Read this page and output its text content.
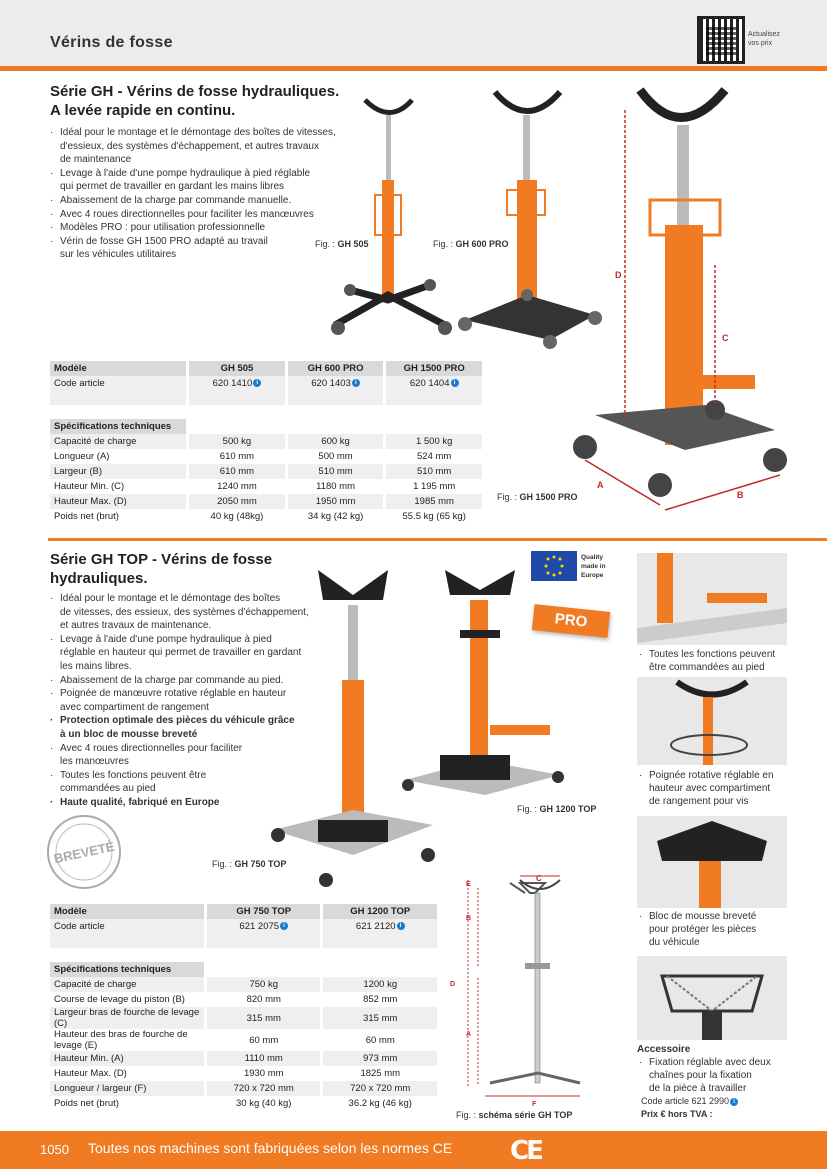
Vérins de fosse	Actualisez
vos prix
Série GH - Vérins de fosse hydrauliques.
A levée rapide en continu.
· Idéal pour le montage et le démontage des boîtes de vitesses,
d'essieux, des systèmes d'échappement, et autres travaux
de maintenance
· Levage à l'aide d'une pompe hydraulique à pied réglable
qui permet de travailler en gardant les mains libres
· Abaissement de la charge par commande manuelle.
· Avec 4 roues directionnelles pour faciliter les manœuvres
· Modèles PRO : pour utilisation professionnelle
· Vérin de fosse GH 1500 PRO adapté au travail
sur les véhicules utilitaires
Fig. : GH 505	Fig. : GH 600 PRO
D
C
A
B
Fig. : GH 1500 PRO
Modèle	GH 505	GH 600 PRO	GH 1500 PRO
Code article	620 1410 i	620 1403 i	620 1404 i

Spécifications techniques			
Capacité de charge	500 kg	600 kg	1 500 kg
Longueur (A)	610 mm	500 mm	524 mm
Largeur (B)	610 mm	510 mm	510 mm
Hauteur Min. (C)	1240 mm	1180 mm	1 195 mm
Hauteur Max. (D)	2050 mm	1950 mm	1985 mm
Poids net (brut)	40 kg (48kg)	34 kg (42 kg)	55.5 kg (65 kg)
Série GH TOP - Vérins de fosse
hydrauliques.
· Idéal pour le montage et le démontage des boîtes
de vitesses, des essieux, des systèmes d'échappement,
et autres travaux de maintenance.
· Levage à l'aide d'une pompe hydraulique à pied
réglable en hauteur qui permet de travailler en gardant
les mains libres.
· Abaissement de la charge par commande au pied.
· Poignée de manœuvre rotative réglable en hauteur
avec compartiment de rangement
· Protection optimale des pièces du véhicule grâce
à un bloc de mousse breveté
· Avec 4 roues directionnelles pour faciliter
les manœuvres
· Toutes les fonctions peuvent être
commandées au pied
· Haute qualité, fabriqué en Europe
Quality
made in
Europe
PRO
Fig. : GH 1200 TOP
Fig. : GH 750 TOP
BREVETÉ
Modèle	GH 750 TOP	GH 1200 TOP
Code article	621 2075 i	621 2120 i

Spécifications techniques		
Capacité de charge	750 kg	1200 kg
Course de levage du piston (B)	820 mm	852 mm
Largeur bras de fourche de levage (C)	315 mm	315 mm
Hauteur des bras de fourche de levage (E)	60 mm	60 mm
Hauteur Min. (A)	1110 mm	973 mm
Hauteur Max. (D)	1930 mm	1825 mm
Longueur / largeur (F)	720 x 720 mm	720 x 720 mm
Poids net (brut)	30 kg (40 kg)	36.2 kg (46 kg)
C
E
D
B
A
F
Fig. : schéma série GH TOP
· Toutes les fonctions peuvent
être commandées au pied
· Poignée rotative réglable en
hauteur avec compartiment
de rangement pour vis
· Bloc de mousse breveté
pour protéger les pièces
du véhicule
Accessoire
· Fixation réglable avec deux
chaînes pour la fixation
de la pièce à travailler
Code article 621 2990 i
Prix € hors TVA :
1050 Toutes nos machines sont fabriquées selon les normes CE CE
